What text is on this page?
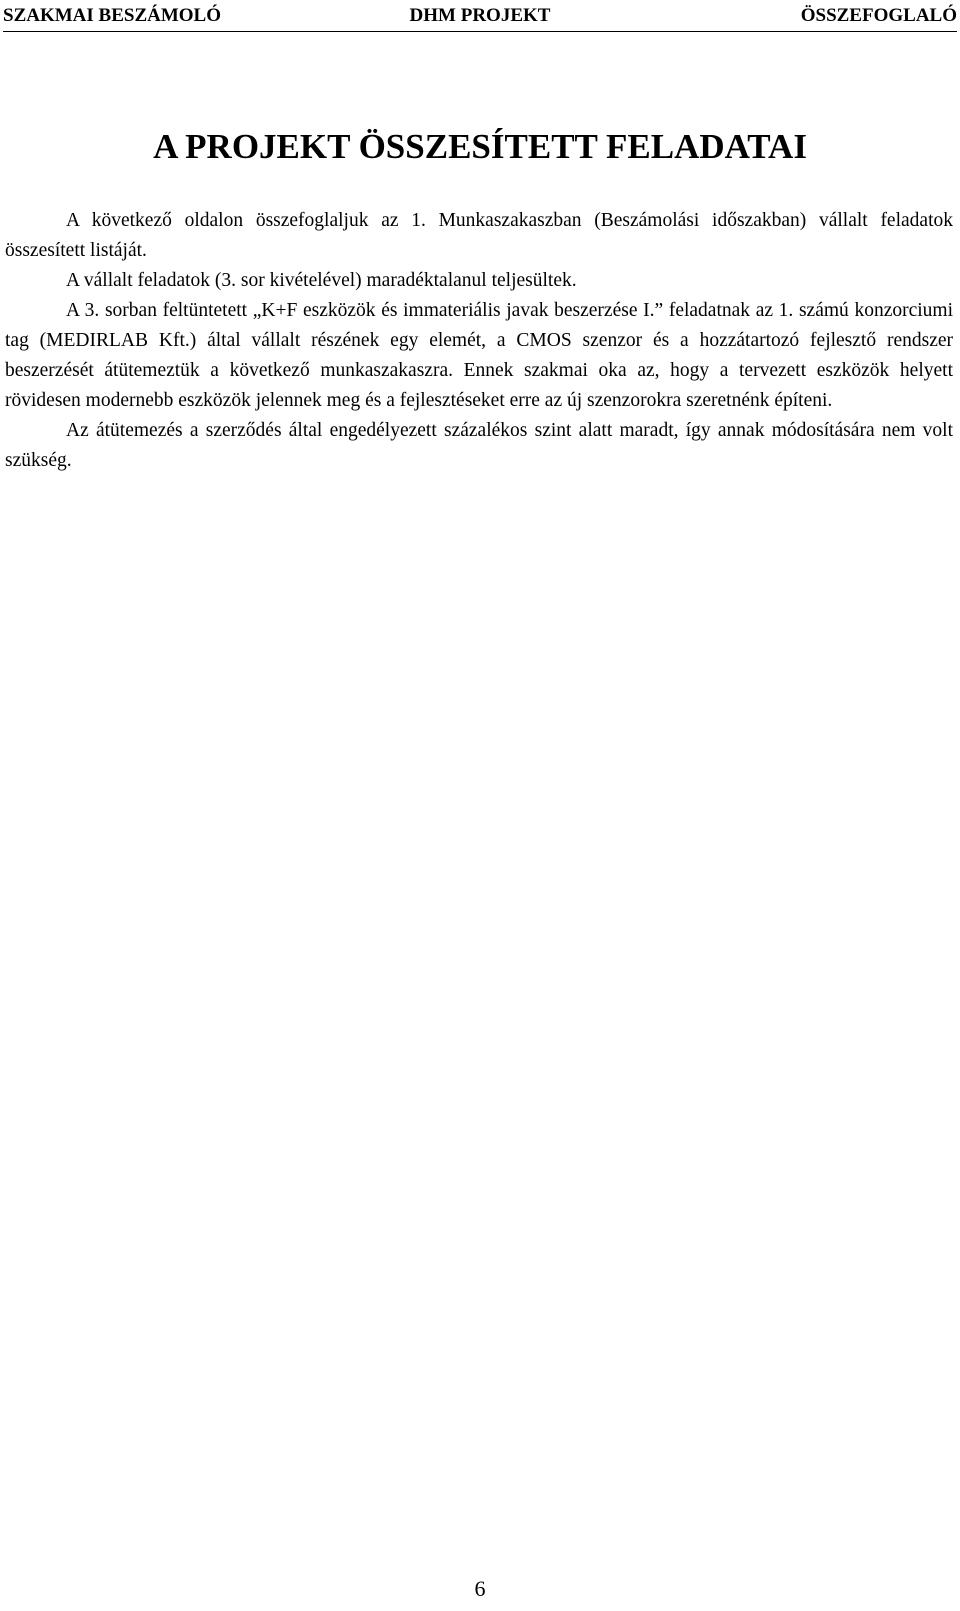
SZAKMAI BESZÁMOLÓ	DHM PROJEKT	ÖSSZEFOGLALÓ
A PROJEKT ÖSSZESÍTETT FELADATAI

A következő oldalon összefoglaljuk az 1. Munkaszakaszban (Beszámolási időszakban) vállalt feladatok összesített listáját.

A vállalt feladatok (3. sor kivételével) maradéktalanul teljesültek.

A 3. sorban feltüntetett „K+F eszközök és immateriális javak beszerzése I.” feladatnak az 1. számú konzorciumi tag (MEDIRLAB Kft.) által vállalt részének egy elemét, a CMOS szenzor és a hozzátartozó fejlesztő rendszer beszerzését átütemeztük a következő munkaszakaszra. Ennek szakmai oka az, hogy a tervezett eszközök helyett rövidesen modernebb eszközök jelennek meg és a fejlesztéseket erre az új szenzorokra szeretnénk építeni.

Az átütemezés a szerződés által engedélyezett százalékos szint alatt maradt, így annak módosítására nem volt szükség.

6
